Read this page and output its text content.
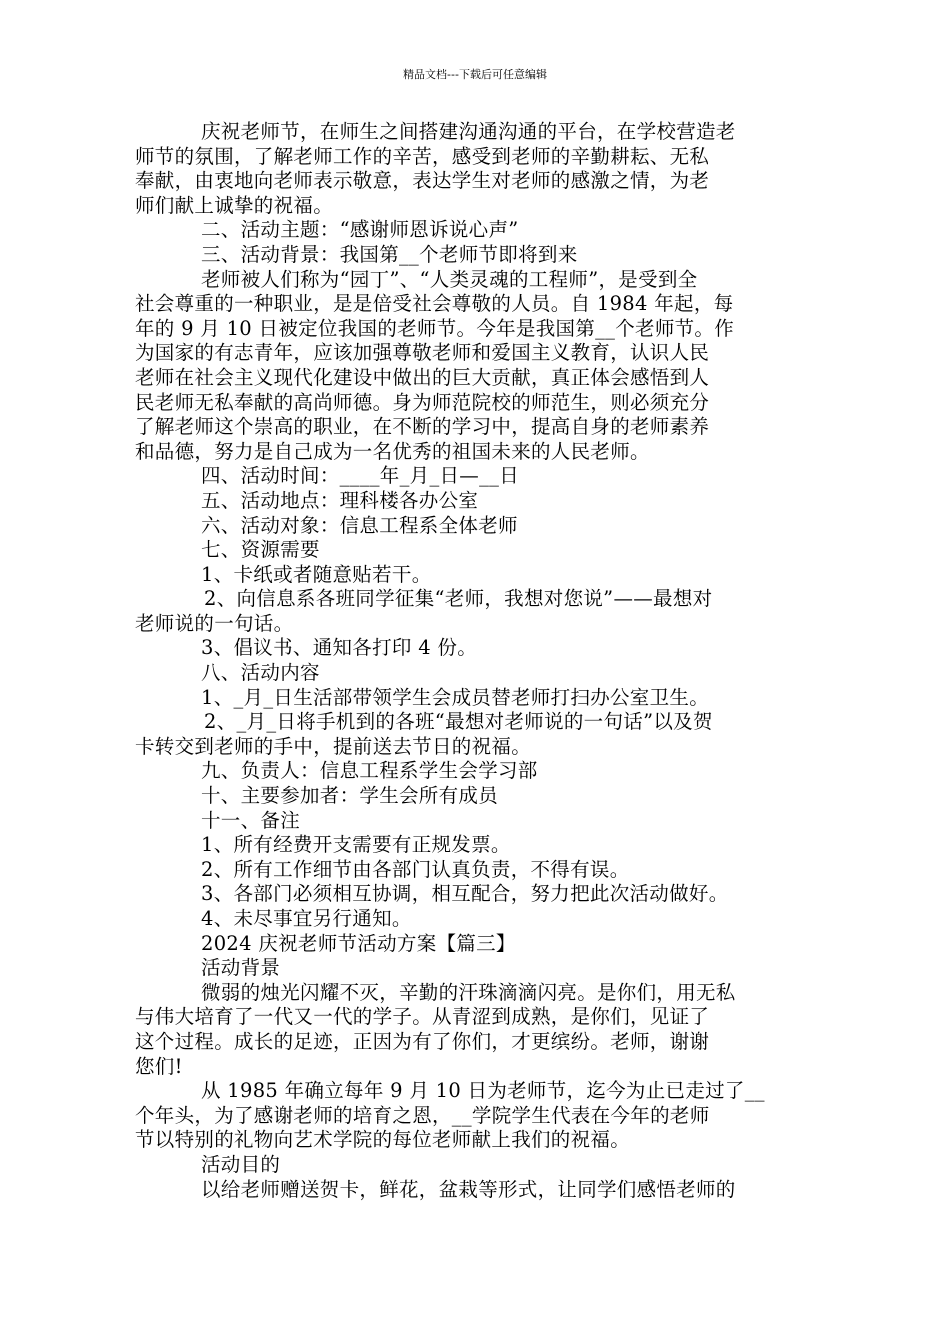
精品文档---下载后可任意编辑
庆祝老师节，在师生之间搭建沟通沟通的平台，在学校营造老
师节的氛围，了解老师工作的辛苦，感受到老师的辛勤耕耘、无私
奉献，由衷地向老师表示敬意，表达学生对老师的感激之情，为老
师们献上诚挚的祝福。
二、活动主题：“感谢师恩诉说心声”
三、活动背景：我国第__个老师节即将到来
老师被人们称为“园丁”、“人类灵魂的工程师”，是受到全
社会尊重的一种职业，是是倍受社会尊敬的人员。自 1984 年起，每
年的 9 月 10 日被定位我国的老师节。今年是我国第__个老师节。作
为国家的有志青年，应该加强尊敬老师和爱国主义教育，认识人民
老师在社会主义现代化建设中做出的巨大贡献，真正体会感悟到人
民老师无私奉献的高尚师德。身为师范院校的师范生，则必须充分
了解老师这个崇高的职业，在不断的学习中，提高自身的老师素养
和品德，努力是自己成为一名优秀的祖国未来的人民老师。
四、活动时间：____年_月_日—__日
五、活动地点：理科楼各办公室
六、活动对象：信息工程系全体老师
七、资源需要
1、卡纸或者随意贴若干。
2、向信息系各班同学征集“老师，我想对您说”——最想对
老师说的一句话。
3、倡议书、通知各打印 4 份。
八、活动内容
1、_月_日生活部带领学生会成员替老师打扫办公室卫生。
2、_月_日将手机到的各班“最想对老师说的一句话”以及贺
卡转交到老师的手中，提前送去节日的祝福。
九、负责人：信息工程系学生会学习部
十、主要参加者：学生会所有成员
十一、备注
1、所有经费开支需要有正规发票。
2、所有工作细节由各部门认真负责，不得有误。
3、各部门必须相互协调，相互配合，努力把此次活动做好。
4、未尽事宜另行通知。
2024 庆祝老师节活动方案【篇三】
活动背景
微弱的烛光闪耀不灭，辛勤的汗珠滴滴闪亮。是你们，用无私
与伟大培育了一代又一代的学子。从青涩到成熟，是你们，见证了
这个过程。成长的足迹，正因为有了你们，才更缤纷。老师，谢谢
您们!
从 1985 年确立每年 9 月 10 日为老师节，迄今为止已走过了__
个年头，为了感谢老师的培育之恩，__学院学生代表在今年的老师
节以特别的礼物向艺术学院的每位老师献上我们的祝福。
活动目的
以给老师赠送贺卡，鲜花，盆栽等形式，让同学们感悟老师的
